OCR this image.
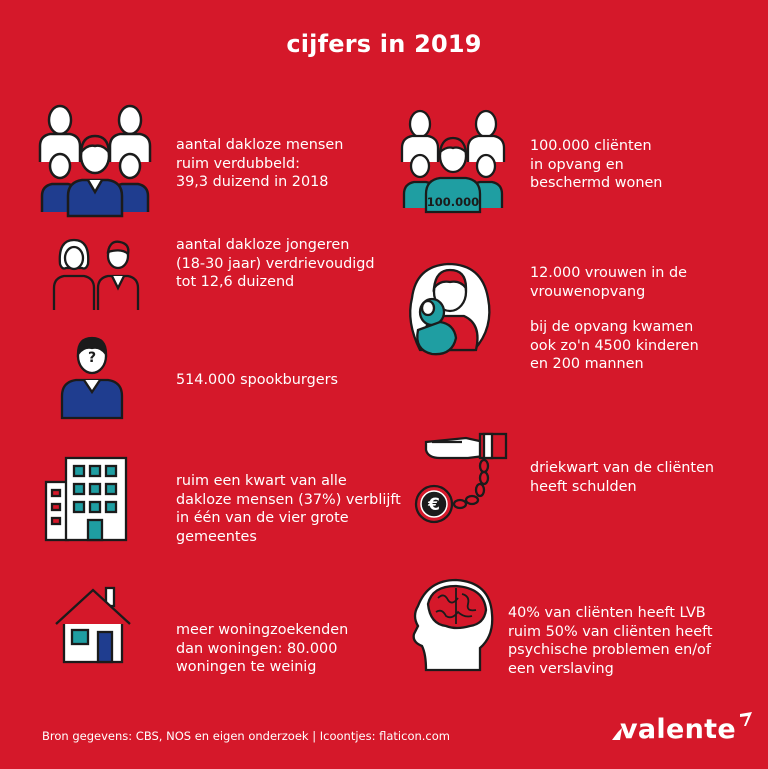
cijfers in 2019
?
100.000
€
aantal dakloze mensen
ruim verdubbeld:
39,3 duizend in 2018
aantal dakloze jongeren
(18-30 jaar) verdrievoudigd
tot 12,6 duizend
514.000 spookburgers
ruim een kwart van alle
dakloze mensen (37%) verblijft
in één van de vier grote
gemeentes
meer woningzoekenden
dan woningen: 80.000
woningen te weinig
100.000 cliënten
in opvang en
beschermd wonen
12.000 vrouwen in de
vrouwenopvang
bij de opvang kwamen
ook zo'n 4500 kinderen
en 200 mannen
driekwart van de cliënten
heeft schulden
40% van cliënten heeft LVB
ruim 50% van cliënten heeft
psychische problemen en/of
een verslaving
Bron gegevens: CBS, NOS en eigen onderzoek | Icoontjes: flaticon.com	valente
